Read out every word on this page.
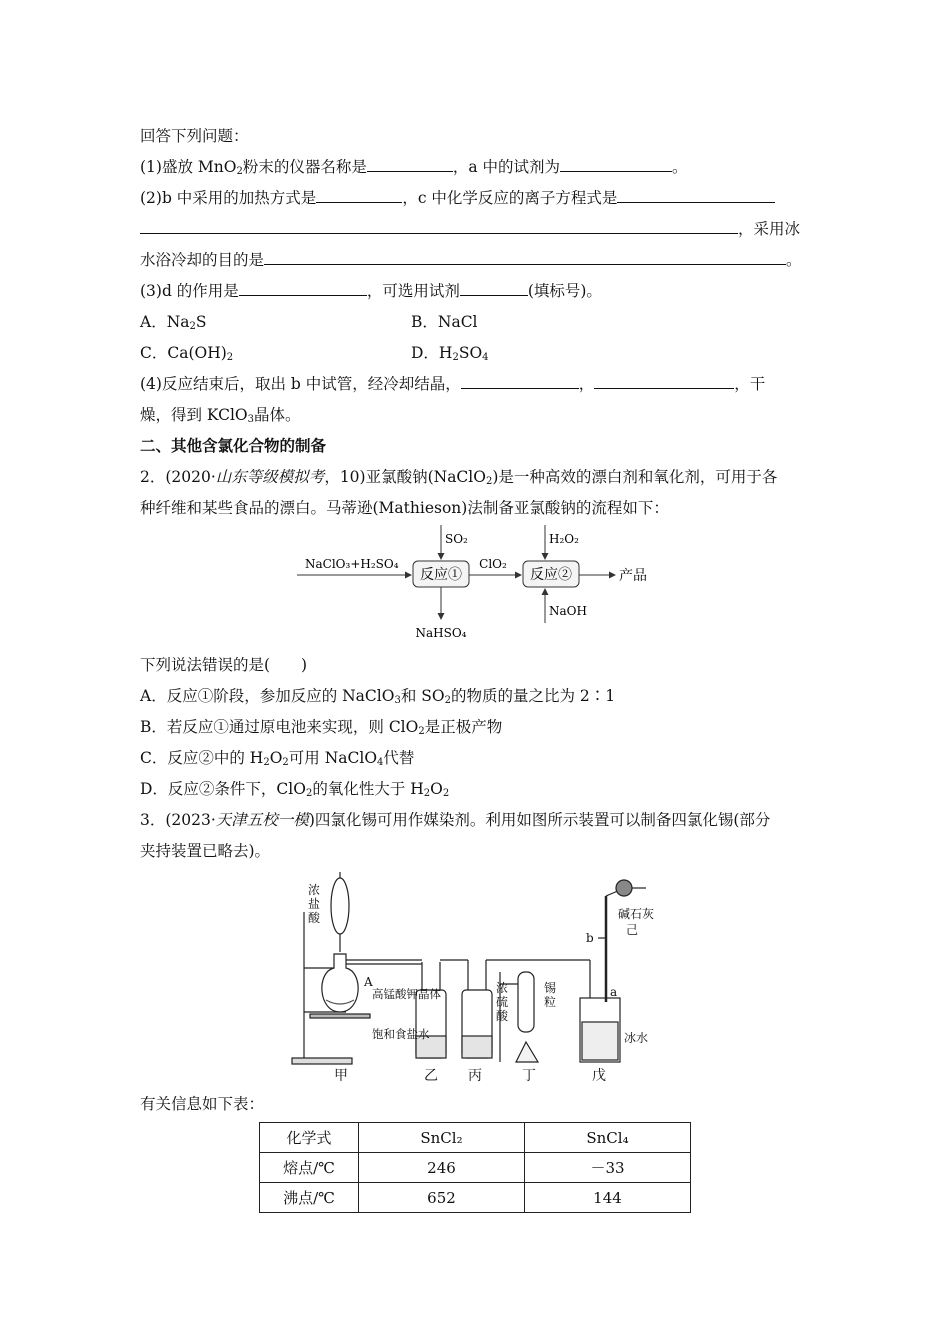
回答下列问题：
(1)盛放 MnO$_2$粉末的仪器名称是	，a 中的试剂为	。
(2)b 中采用的加热方式是	，c 中化学反应的离子方程式是
，采用冰
水浴冷却的目的是	。
(3)d 的作用是	，可选用试剂	(填标号)。
A．$Na_2S$	B．NaCl
C．$Ca(OH)_2$	D．$H_2SO_4$
(4)反应结束后，取出 b 中试管，经冷却结晶，	，	，干
燥，得到 KClO$_3$晶体。
二、其他含氯化合物的制备
2．(2020·山东等级模拟考，10)亚氯酸钠(NaClO$_2$)是一种高效的漂白剂和氧化剂，可用于各
种纤维和某些食品的漂白。马蒂逊(Mathieson)法制备亚氯酸钠的流程如下：
NaClO₃+H₂SO₄
反应①
SO₂
NaHSO₄
ClO₂
反应②
H₂O₂
NaOH
产品
下列说法错误的是(　　)
A．反应①阶段，参加反应的 NaClO$_3$和 $SO_2$的物质的量之比为 2∶1
B．若反应①通过原电池来实现，则 ClO$_2$是正极产物
C．反应②中的 $H_2O_2$可用 NaClO$_4$代替
D．反应②条件下，ClO$_2$的氧化性大于 $H_2O_2$
3．(2023·天津五校一模)四氯化锡可用作媒染剂。利用如图所示装置可以制备四氯化锡(部分
夹持装置已略去)。
浓盐酸
A
高锰酸钾晶体
饱和食盐水
浓硫酸
锡粒
碱石灰
己
b
a
冰水
甲	乙 丙	丁	戊
有关信息如下表：
化学式	SnCl₂	SnCl₄
熔点/℃	246	－33
沸点/℃	652	144
